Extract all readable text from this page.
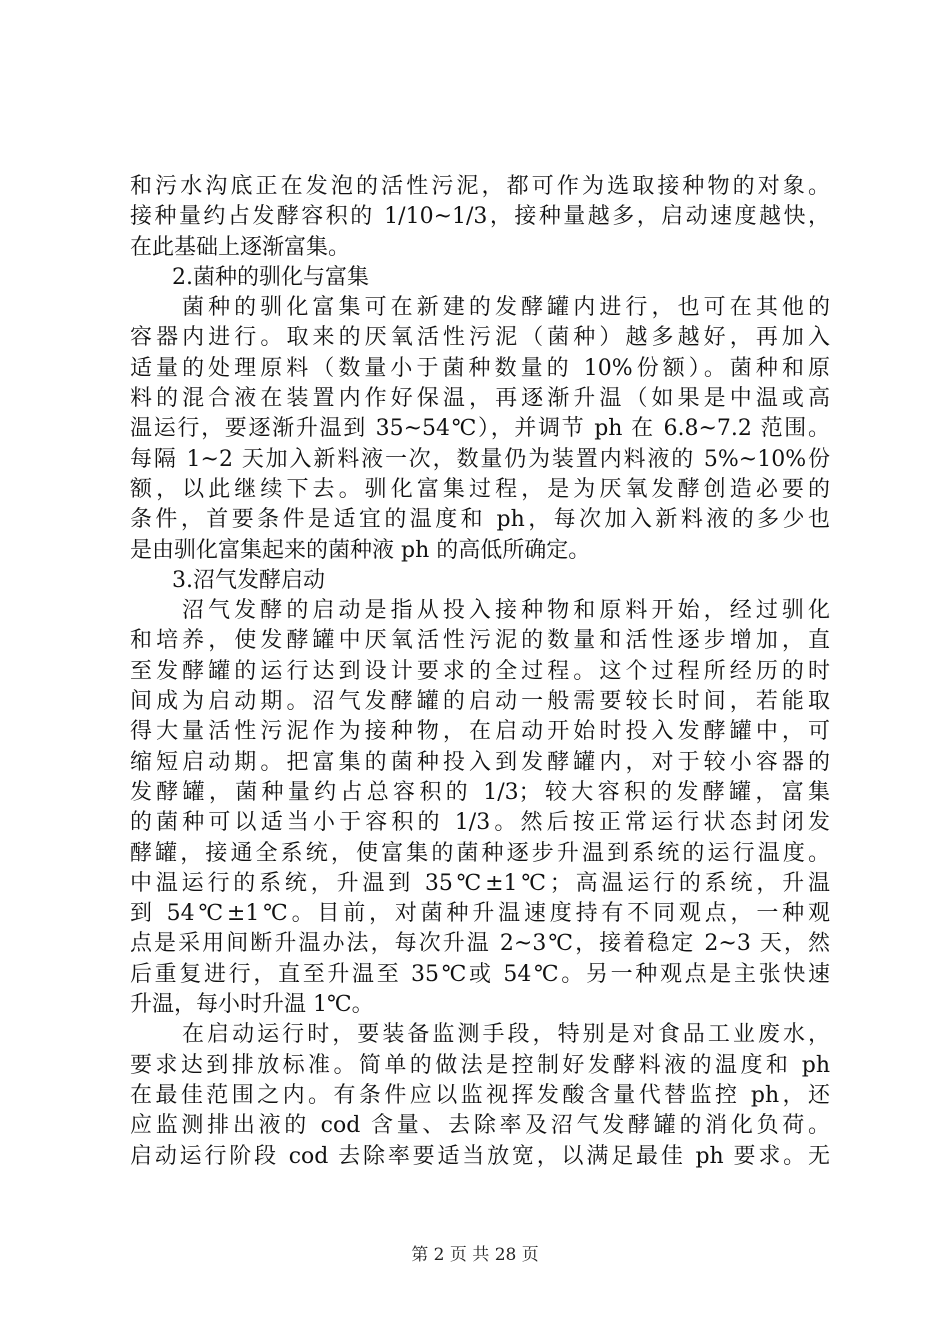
和污水沟底正在发泡的活性污泥，都可作为选取接种物的对象。
接种量约占发酵容积的 1/10~1/3，接种量越多，启动速度越快，
在此基础上逐渐富集。
2.菌种的驯化与富集
菌种的驯化富集可在新建的发酵罐内进行，也可在其他的
容器内进行。取来的厌氧活性污泥（菌种）越多越好，再加入
适量的处理原料（数量小于菌种数量的 10%份额）。菌种和原
料的混合液在装置内作好保温，再逐渐升温（如果是中温或高
温运行，要逐渐升温到 35~54℃），并调节 ph 在 6.8~7.2 范围。
每隔 1~2 天加入新料液一次，数量仍为装置内料液的 5%~10%份
额，以此继续下去。驯化富集过程，是为厌氧发酵创造必要的
条件，首要条件是适宜的温度和 ph，每次加入新料液的多少也
是由驯化富集起来的菌种液 ph 的高低所确定。
3.沼气发酵启动
沼气发酵的启动是指从投入接种物和原料开始，经过驯化
和培养，使发酵罐中厌氧活性污泥的数量和活性逐步增加，直
至发酵罐的运行达到设计要求的全过程。这个过程所经历的时
间成为启动期。沼气发酵罐的启动一般需要较长时间，若能取
得大量活性污泥作为接种物，在启动开始时投入发酵罐中，可
缩短启动期。把富集的菌种投入到发酵罐内，对于较小容器的
发酵罐，菌种量约占总容积的 1/3；较大容积的发酵罐，富集
的菌种可以适当小于容积的 1/3。然后按正常运行状态封闭发
酵罐，接通全系统，使富集的菌种逐步升温到系统的运行温度。
中温运行的系统，升温到 35℃±1℃；高温运行的系统，升温
到 54℃±1℃。目前，对菌种升温速度持有不同观点，一种观
点是采用间断升温办法，每次升温 2~3℃，接着稳定 2~3 天，然
后重复进行，直至升温至 35℃或 54℃。另一种观点是主张快速
升温，每小时升温 1℃。
在启动运行时，要装备监测手段，特别是对食品工业废水，
要求达到排放标准。简单的做法是控制好发酵料液的温度和 ph
在最佳范围之内。有条件应以监视挥发酸含量代替监控 ph，还
应监测排出液的 cod 含量、去除率及沼气发酵罐的消化负荷。
启动运行阶段 cod 去除率要适当放宽，以满足最佳 ph 要求。无
第 2 页 共 28 页
